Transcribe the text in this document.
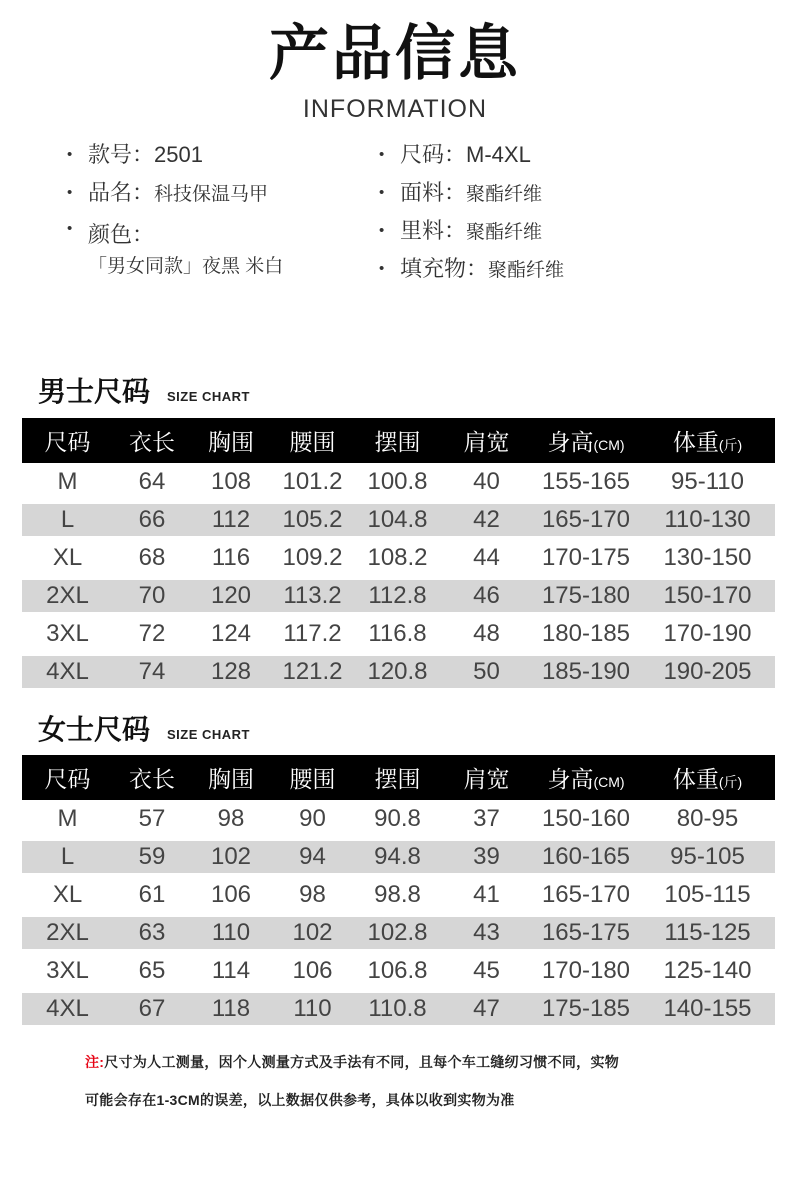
产品信息
INFORMATION
• 款号：2501
• 品名：科技保温马甲
• 颜色：
「男女同款」夜黑 米白
• 尺码：M-4XL
• 面料：聚酯纤维
• 里料：聚酯纤维
• 填充物：聚酯纤维
男士尺码 SIZE CHART
尺码	衣长	胸围	腰围	摆围	肩宽	身高(CM)	体重(斤)
M	64	108	101.2	100.8	40	155-165	95-110
L	66	112	105.2	104.8	42	165-170	110-130
XL	68	116	109.2	108.2	44	170-175	130-150
2XL	70	120	113.2	112.8	46	175-180	150-170
3XL	72	124	117.2	116.8	48	180-185	170-190
4XL	74	128	121.2	120.8	50	185-190	190-205
女士尺码 SIZE CHART
尺码	衣长	胸围	腰围	摆围	肩宽	身高(CM)	体重(斤)
M	57	98	90	90.8	37	150-160	80-95
L	59	102	94	94.8	39	160-165	95-105
XL	61	106	98	98.8	41	165-170	105-115
2XL	63	110	102	102.8	43	165-175	115-125
3XL	65	114	106	106.8	45	170-180	125-140
4XL	67	118	110	110.8	47	175-185	140-155
注:尺寸为人工测量，因个人测量方式及手法有不同，且每个车工缝纫习惯不同，实物
可能会存在1-3CM的误差，以上数据仅供参考，具体以收到实物为准
